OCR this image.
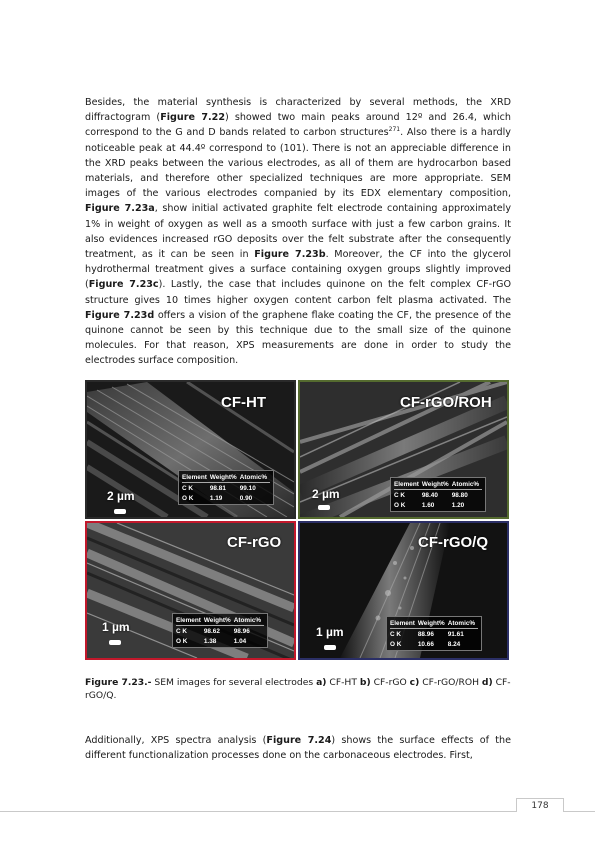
Besides, the material synthesis is characterized by several methods, the XRD diffractogram (Figure 7.22) showed two main peaks around 12º and 26.4, which correspond to the G and D bands related to carbon structures$^{271}$. Also there is a hardly noticeable peak at 44.4º correspond to (101). There is not an appreciable difference in the XRD peaks between the various electrodes, as all of them are hydrocarbon based materials, and therefore other specialized techniques are more appropriate. SEM images of the various electrodes companied by its EDX elementary composition, Figure 7.23a, show initial activated graphite felt electrode containing approximately 1% in weight of oxygen as well as a smooth surface with just a few carbon grains. It also evidences increased rGO deposits over the felt substrate after the consequently treatment, as it can be seen in Figure 7.23b. Moreover, the CF into the glycerol hydrothermal treatment gives a surface containing oxygen groups slightly improved (Figure 7.23c). Lastly, the case that includes quinone on the felt complex CF-rGO structure gives 10 times higher oxygen content carbon felt plasma activated. The Figure 7.23d offers a vision of the graphene flake coating the CF, the presence of the quinone cannot be seen by this technique due to the small size of the quinone molecules. For that reason, XPS measurements are done in order to study the electrodes surface composition.

CF-HT
Element	Weight%	Atomic%
C K	98.81	99.10
O K	1.19	0.90
2 µm
CF-rGO/ROH
Element	Weight%	Atomic%
C K	98.40	98.80
O K	1.60	1.20
2 µm
CF-rGO
Element	Weight%	Atomic%
C K	98.62	98.96
O K	1.38	1.04
1 µm
CF-rGO/Q
Element	Weight%	Atomic%
C K	88.96	91.61
O K	10.66	8.24
1 µm
Figure 7.23.- SEM images for several electrodes a) CF-HT b) CF-rGO c) CF-rGO/ROH d) CF-rGO/Q.

Additionally, XPS spectra analysis (Figure 7.24) shows the surface effects of the different functionalization processes done on the carbonaceous electrodes. First,

178
